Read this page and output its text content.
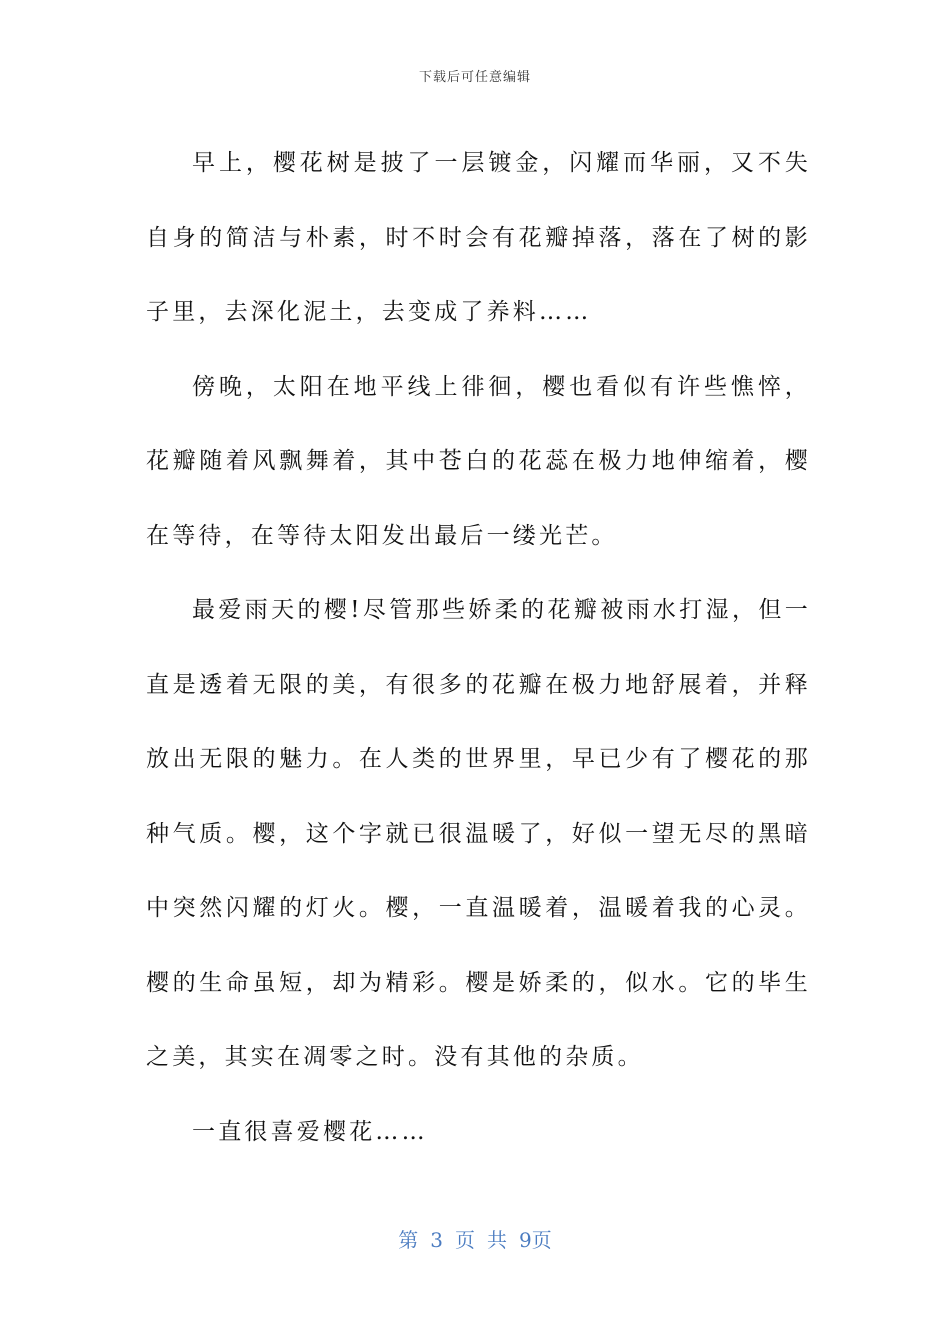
下载后可任意编辑

早上，樱花树是披了一层镀金，闪耀而华丽，又不失自身的简洁与朴素，时不时会有花瓣掉落，落在了树的影子里，去深化泥土，去变成了养料……

傍晚，太阳在地平线上徘徊，樱也看似有许些憔悴，花瓣随着风飘舞着，其中苍白的花蕊在极力地伸缩着，樱在等待，在等待太阳发出最后一缕光芒。

最爱雨天的樱!尽管那些娇柔的花瓣被雨水打湿，但一直是透着无限的美，有很多的花瓣在极力地舒展着，并释放出无限的魅力。在人类的世界里，早已少有了樱花的那种气质。樱，这个字就已很温暖了，好似一望无尽的黑暗中突然闪耀的灯火。樱，一直温暖着，温暖着我的心灵。樱的生命虽短，却为精彩。樱是娇柔的，似水。它的毕生之美，其实在凋零之时。没有其他的杂质。

一直很喜爱樱花……

第 3 页 共 9页
